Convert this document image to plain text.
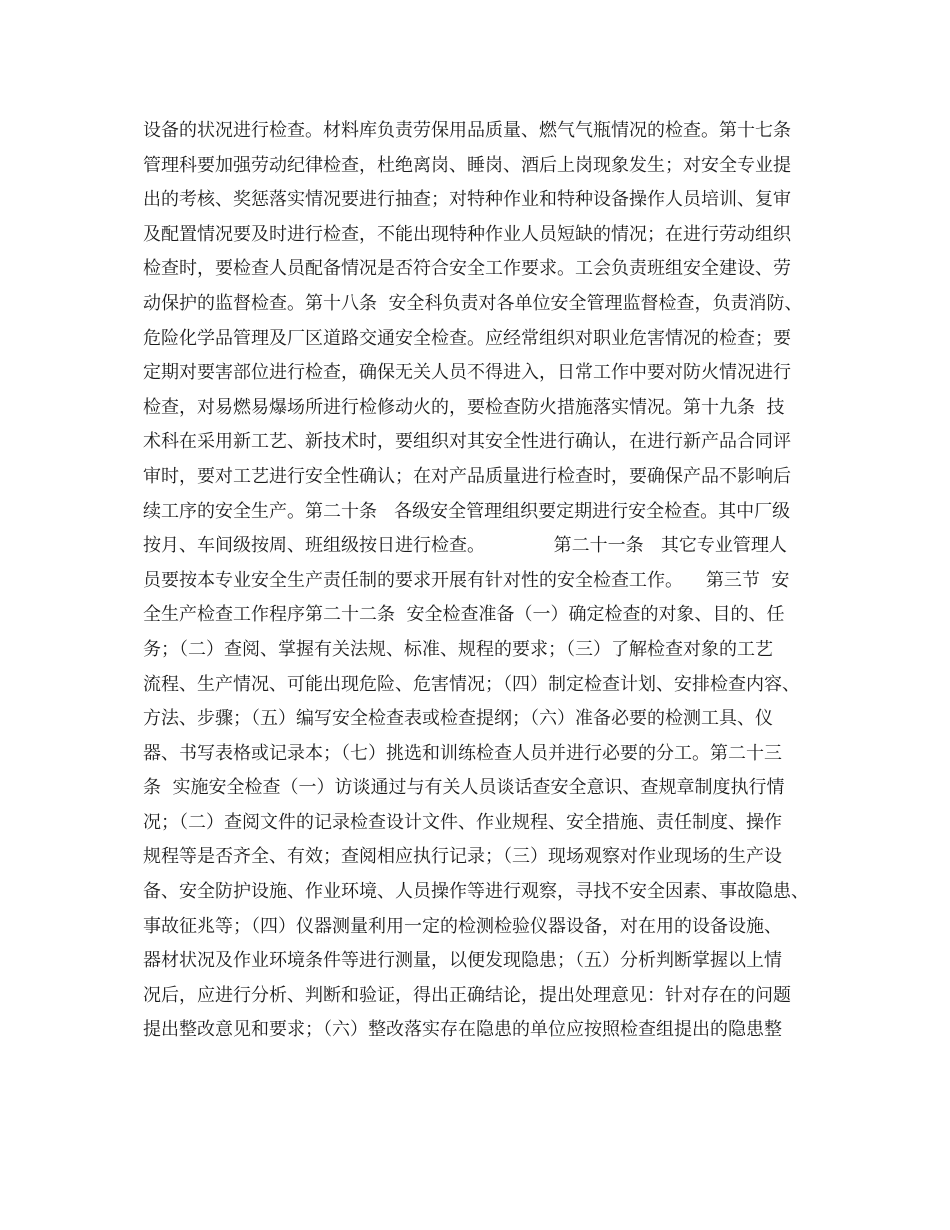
设备的状况进行检查。材料库负责劳保用品质量、燃气气瓶情况的检查。第十七条
管理科要加强劳动纪律检查，杜绝离岗、睡岗、酒后上岗现象发生；对安全专业提
出的考核、奖惩落实情况要进行抽查；对特种作业和特种设备操作人员培训、复审
及配置情况要及时进行检查，不能出现特种作业人员短缺的情况；在进行劳动组织
检查时，要检查人员配备情况是否符合安全工作要求。工会负责班组安全建设、劳
动保护的监督检查。第十八条  安全科负责对各单位安全管理监督检查，负责消防、
危险化学品管理及厂区道路交通安全检查。应经常组织对职业危害情况的检查；要
定期对要害部位进行检查，确保无关人员不得进入，日常工作中要对防火情况进行
检查，对易燃易爆场所进行检修动火的，要检查防火措施落实情况。第十九条  技
术科在采用新工艺、新技术时，要组织对其安全性进行确认，在进行新产品合同评
审时，要对工艺进行安全性确认；在对产品质量进行检查时，要确保产品不影响后
续工序的安全生产。第二十条   各级安全管理组织要定期进行安全检查。其中厂级
按月、车间级按周、班组级按日进行检查。            第二十一条   其它专业管理人
员要按本专业安全生产责任制的要求开展有针对性的安全检查工作。    第三节  安
全生产检查工作程序第二十二条  安全检查准备（一）确定检查的对象、目的、任
务；（二）查阅、掌握有关法规、标准、规程的要求；（三）了解检查对象的工艺
流程、生产情况、可能出现危险、危害情况；（四）制定检查计划、安排检查内容、
方法、步骤；（五）编写安全检查表或检查提纲；（六）准备必要的检测工具、仪
器、书写表格或记录本；（七）挑选和训练检查人员并进行必要的分工。第二十三
条  实施安全检查（一）访谈通过与有关人员谈话查安全意识、查规章制度执行情
况；（二）查阅文件的记录检查设计文件、作业规程、安全措施、责任制度、操作
规程等是否齐全、有效；查阅相应执行记录；（三）现场观察对作业现场的生产设
备、安全防护设施、作业环境、人员操作等进行观察，寻找不安全因素、事故隐患、
事故征兆等；（四）仪器测量利用一定的检测检验仪器设备，对在用的设备设施、
器材状况及作业环境条件等进行测量，以便发现隐患；（五）分析判断掌握以上情
况后，应进行分析、判断和验证，得出正确结论，提出处理意见：针对存在的问题
提出整改意见和要求；（六）整改落实存在隐患的单位应按照检查组提出的隐患整
